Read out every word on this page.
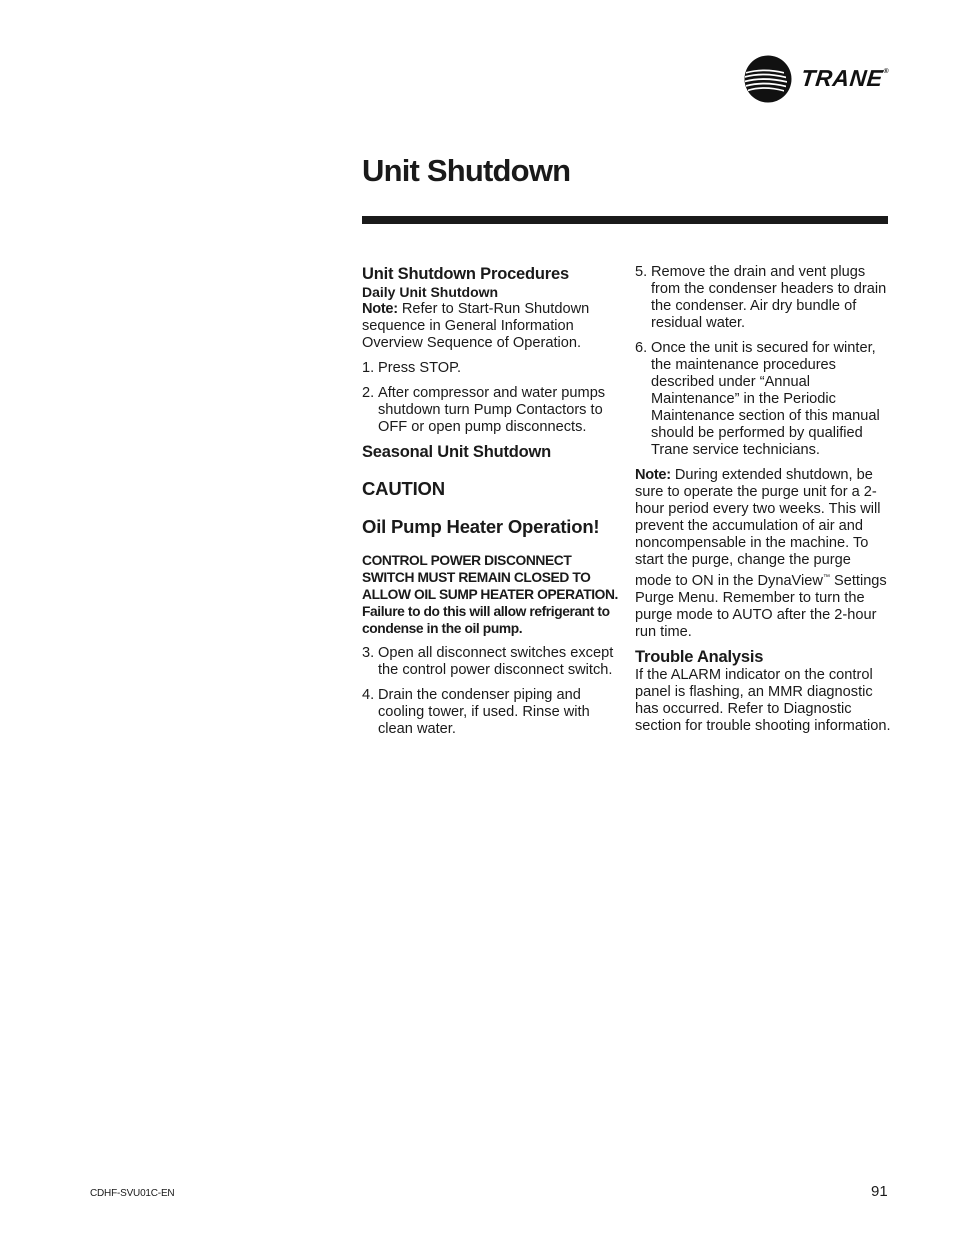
TRANE®
Unit Shutdown
Unit Shutdown Procedures
Daily Unit Shutdown

Note: Refer to Start-Run Shutdown sequence in General Information Overview Sequence of Operation.

1. Press STOP.
2. After compressor and water pumps shutdown turn Pump Contactors to OFF or open pump disconnects.
Seasonal Unit Shutdown
CAUTION
Oil Pump Heater Operation!

CONTROL POWER DISCONNECT SWITCH MUST REMAIN CLOSED TO ALLOW OIL SUMP HEATER OPERATION. Failure to do this will allow refrigerant to condense in the oil pump.

3. Open all disconnect switches except the control power disconnect switch.
4. Drain the condenser piping and cooling tower, if used. Rinse with clean water.
5. Remove the drain and vent plugs from the condenser headers to drain the condenser. Air dry bundle of residual water.
6. Once the unit is secured for winter, the maintenance procedures described under “Annual Maintenance” in the Periodic Maintenance section of this manual should be performed by qualified Trane service technicians.

Note: During extended shutdown, be sure to operate the purge unit for a 2-hour period every two weeks. This will prevent the accumulation of air and noncompensable in the machine. To start the purge, change the purge mode to ON in the DynaView™ Settings Purge Menu. Remember to turn the purge mode to AUTO after the 2-hour run time.

Trouble Analysis

If the ALARM indicator on the control panel is flashing, an MMR diagnostic has occurred. Refer to Diagnostic section for trouble shooting information.

CDHF-SVU01C-EN	91
